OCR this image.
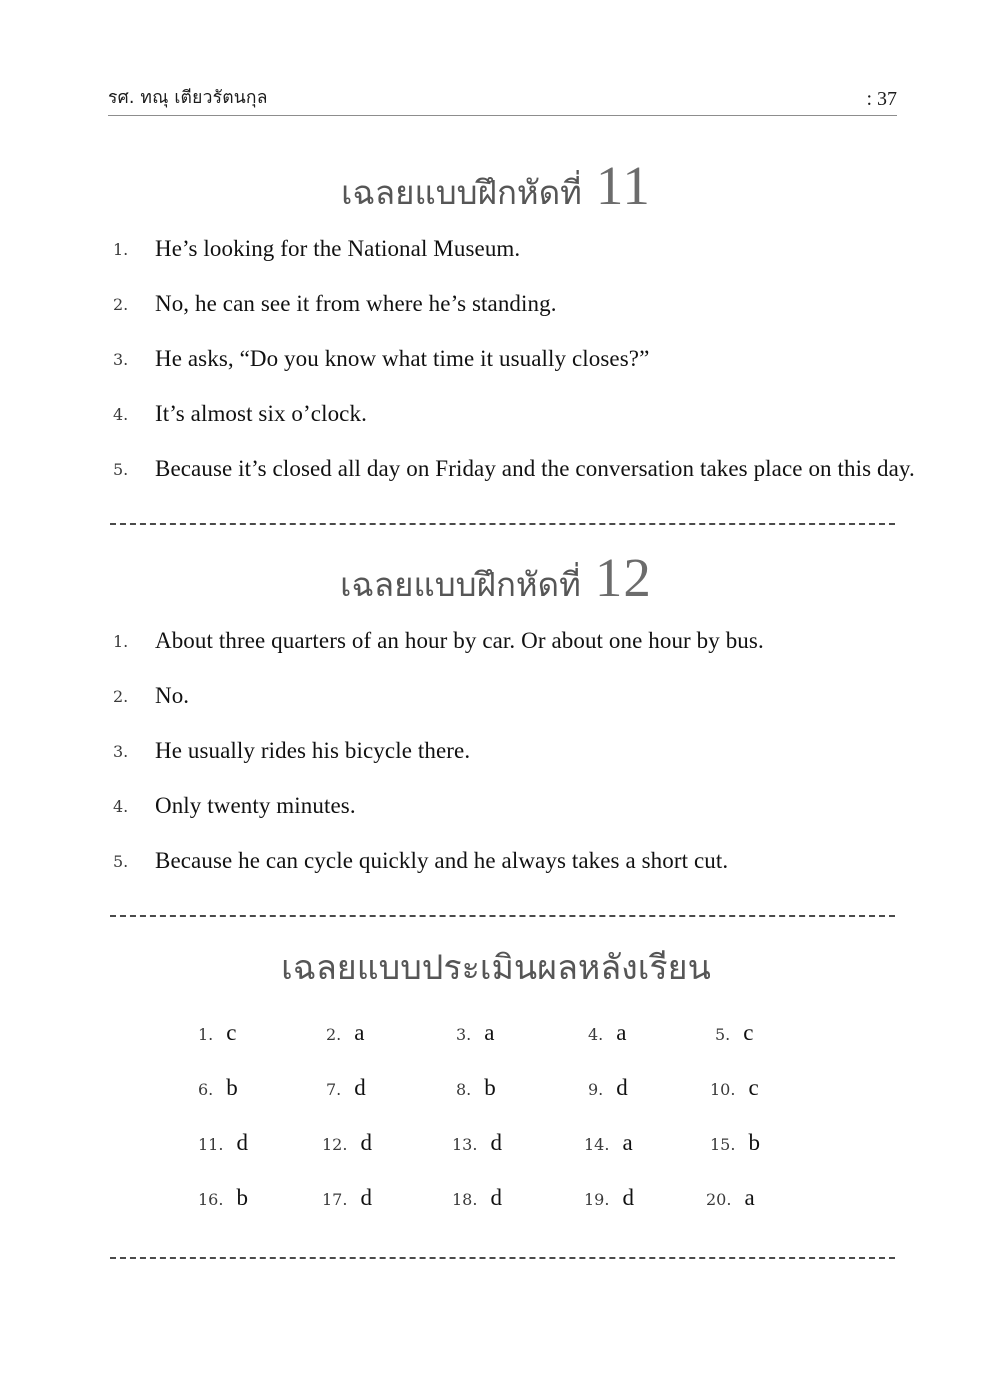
รศ. ทณุ เตียวรัตนกุล	: 37
เฉลยแบบฝึกหัดที่ 11
1.	He’s looking for the National Museum.
2.	No, he can see it from where he’s standing.
3.	He asks, “Do you know what time it usually closes?”
4.	It’s almost six o’clock.
5.	Because it’s closed all day on Friday and the conversation takes place on this day.
เฉลยแบบฝึกหัดที่ 12
1.	About three quarters of an hour by car. Or about one hour by bus.
2.	No.
3.	He usually rides his bicycle there.
4.	Only twenty minutes.
5.	Because he can cycle quickly and he always takes a short cut.
เฉลยแบบประเมินผลหลังเรียน
1. c	2. a	3. a	4. a	5. c
6. b	7. d	8. b	9. d	10. c
11. d	12. d	13. d	14. a	15. b
16. b	17. d	18. d	19. d	20. a
